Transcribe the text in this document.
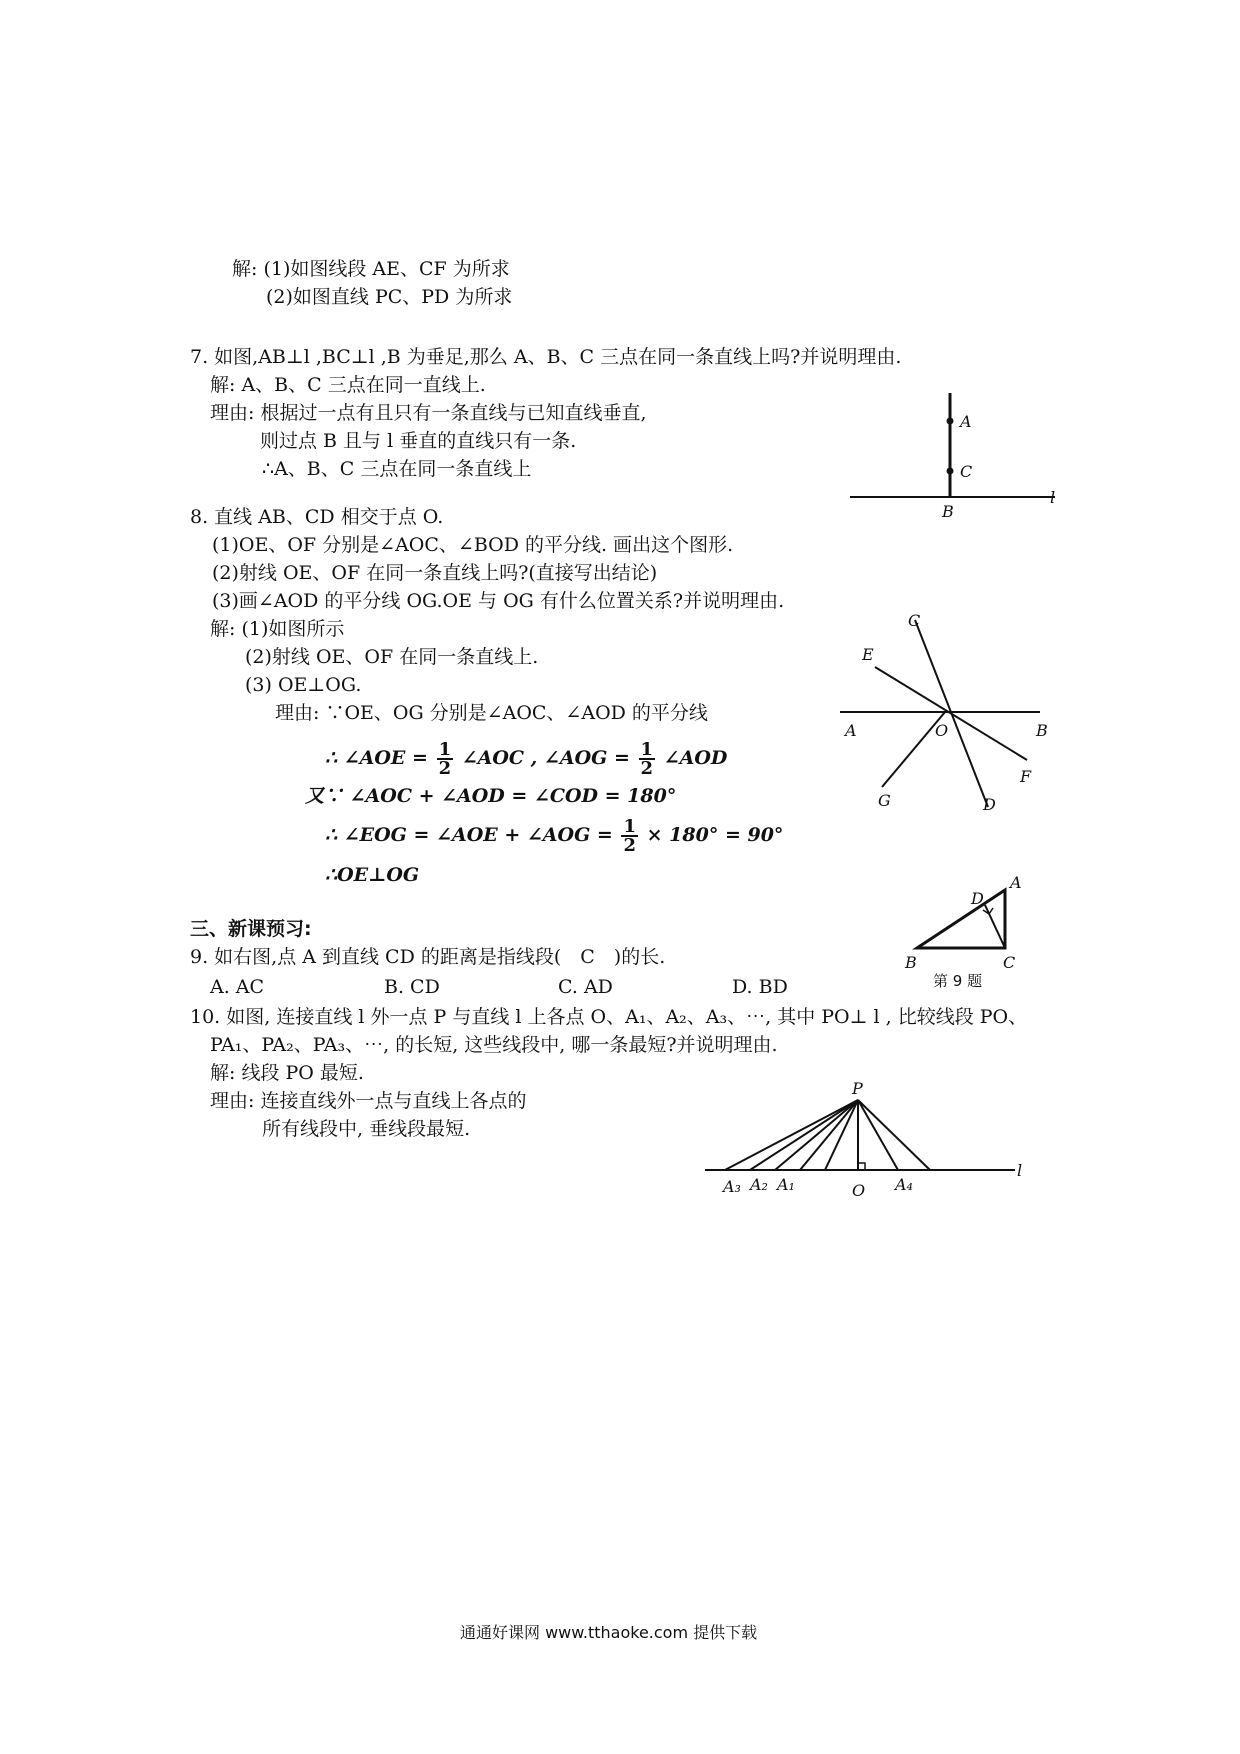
解: (1)如图线段 AE、CF 为所求
(2)如图直线 PC、PD 为所求
7. 如图,AB⊥l ,BC⊥l ,B 为垂足,那么 A、B、C 三点在同一条直线上吗?并说明理由.
解: A、B、C 三点在同一直线上.
理由: 根据过一点有且只有一条直线与已知直线垂直,
则过点 B 且与 l 垂直的直线只有一条.
∴A、B、C 三点在同一条直线上
A
C
B
l
8. 直线 AB、CD 相交于点 O.
(1)OE、OF 分别是∠AOC、∠BOD 的平分线. 画出这个图形.
(2)射线 OE、OF 在同一条直线上吗?(直接写出结论)
(3)画∠AOD 的平分线 OG.OE 与 OG 有什么位置关系?并说明理由.
解: (1)如图所示
(2)射线 OE、OF 在同一条直线上.
(3) OE⊥OG.
理由: ∵OE、OG 分别是∠AOC、∠AOD 的平分线
∴ ∠AOE = $\frac{1}{2}$ ∠AOC , ∠AOG = $\frac{1}{2}$ ∠AOD
又∵ ∠AOC + ∠AOD = ∠COD = 180°
∴ ∠EOG = ∠AOE + ∠AOG = $\frac{1}{2} \times 180^\circ = 90^\circ$
∴OE⊥OG
C
E
A	O	B
F
G	D
三、新课预习:
9. 如右图,点 A 到直线 CD 的距离是指线段(　C　)的长.
A. AC	B. CD	C. AD	D. BD
A
D
B	C
第 9 题
10. 如图, 连接直线 l 外一点 P 与直线 l 上各点 O、A₁、A₂、A₃、⋯, 其中 PO⊥ l , 比较线段 PO、
PA₁、PA₂、PA₃、⋯, 的长短, 这些线段中, 哪一条最短?并说明理由.
解: 线段 PO 最短.
理由: 连接直线外一点与直线上各点的
所有线段中, 垂线段最短.
P
A₃ A₂ A₁	O A₄
l
通通好课网 www.tthaoke.com 提供下载
